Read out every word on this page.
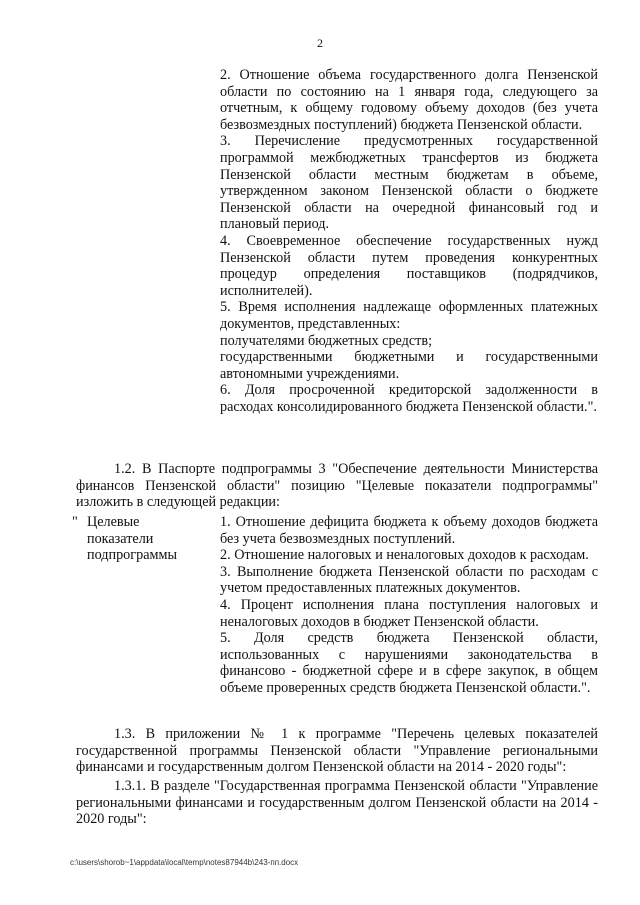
2

2. Отношение объема государственного долга Пензенской области по состоянию на 1 января года, следующего за отчетным, к общему годовому объему доходов (без учета безвозмездных поступлений) бюджета Пензенской области.

3. Перечисление предусмотренных государственной программой межбюджетных трансфертов из бюджета Пензенской области местным бюджетам в объеме, утвержденном законом Пензенской области о бюджете Пензенской области на очередной финансовый год и плановый период.

4. Своевременное обеспечение государственных нужд Пензенской области путем проведения конкурентных процедур определения поставщиков (подрядчиков, исполнителей).

5. Время исполнения надлежаще оформленных платежных документов, представленных:

получателями бюджетных средств;

государственными бюджетными и государственными автономными учреждениями.

6. Доля просроченной кредиторской задолженности в расходах консолидированного бюджета Пензенской области.".

1.2. В Паспорте подпрограммы 3 "Обеспечение деятельности Министерства финансов Пензенской области" позицию "Целевые показатели подпрограммы" изложить в следующей редакции:

" Целевые
показатели
подпрограммы

1. Отношение дефицита бюджета к объему доходов бюджета без учета безвозмездных поступлений.

2. Отношение налоговых и неналоговых доходов к расходам.

3. Выполнение бюджета Пензенской области по расходам с учетом предоставленных платежных документов.

4. Процент исполнения плана поступления налоговых и неналоговых доходов в бюджет Пензенской области.

5. Доля средств бюджета Пензенской области, использованных с нарушениями законодательства в финансово - бюджетной сфере и в сфере закупок, в общем объеме проверенных средств бюджета Пензенской области.".

1.3. В приложении № 1 к программе "Перечень целевых показателей государственной программы Пензенской области "Управление региональными финансами и государственным долгом Пензенской области на 2014 - 2020 годы":

1.3.1. В разделе "Государственная программа Пензенской области "Управление региональными финансами и государственным долгом Пензенской области на 2014 - 2020 годы":

c:\users\shorob~1\appdata\local\temp\notes87944b\243-пп.docx
